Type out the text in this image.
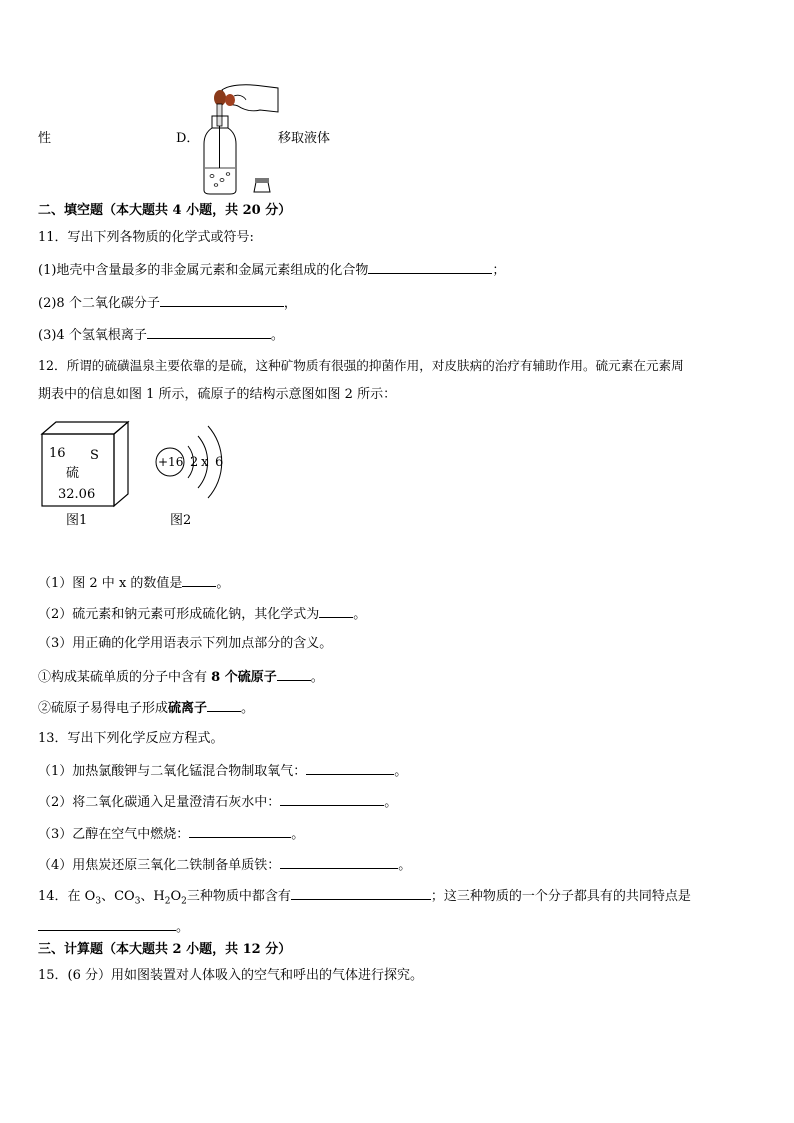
性	D．	移取液体
二、填空题（本大题共 4 小题，共 20 分）
11．写出下列各物质的化学式或符号:
(1)地壳中含量最多的非金属元素和金属元素组成的化合物	；
(2)8 个二氧化碳分子	，
(3)4 个氢氧根离子	。
12．所谓的硫磺温泉主要依靠的是硫，这种矿物质有很强的抑菌作用，对皮肤病的治疗有辅助作用。硫元素在元素周
期表中的信息如图 1 所示，硫原子的结构示意图如图 2 所示：
16 S
硫
32.06
图1
+16 2 x 6
图2
（1）图 2 中 x 的数值是	。
（2）硫元素和钠元素可形成硫化钠，其化学式为	。
（3）用正确的化学用语表示下列加点部分的含义。
①构成某硫单质的分子中含有 8 个硫原子	。
②硫原子易得电子形成硫离子	。
13．写出下列化学反应方程式。
（1）加热氯酸钾与二氧化锰混合物制取氧气：	。
（2）将二氧化碳通入足量澄清石灰水中：	。
（3）乙醇在空气中燃烧：	。
（4）用焦炭还原三氧化二铁制备单质铁：	。
14．在 $O_3$、$CO_3$、$H_2O_2$三种物质中都含有	；这三种物质的一个分子都具有的共同特点是
。
三、计算题（本大题共 2 小题，共 12 分）
15．(6 分）用如图装置对人体吸入的空气和呼出的气体进行探究。
